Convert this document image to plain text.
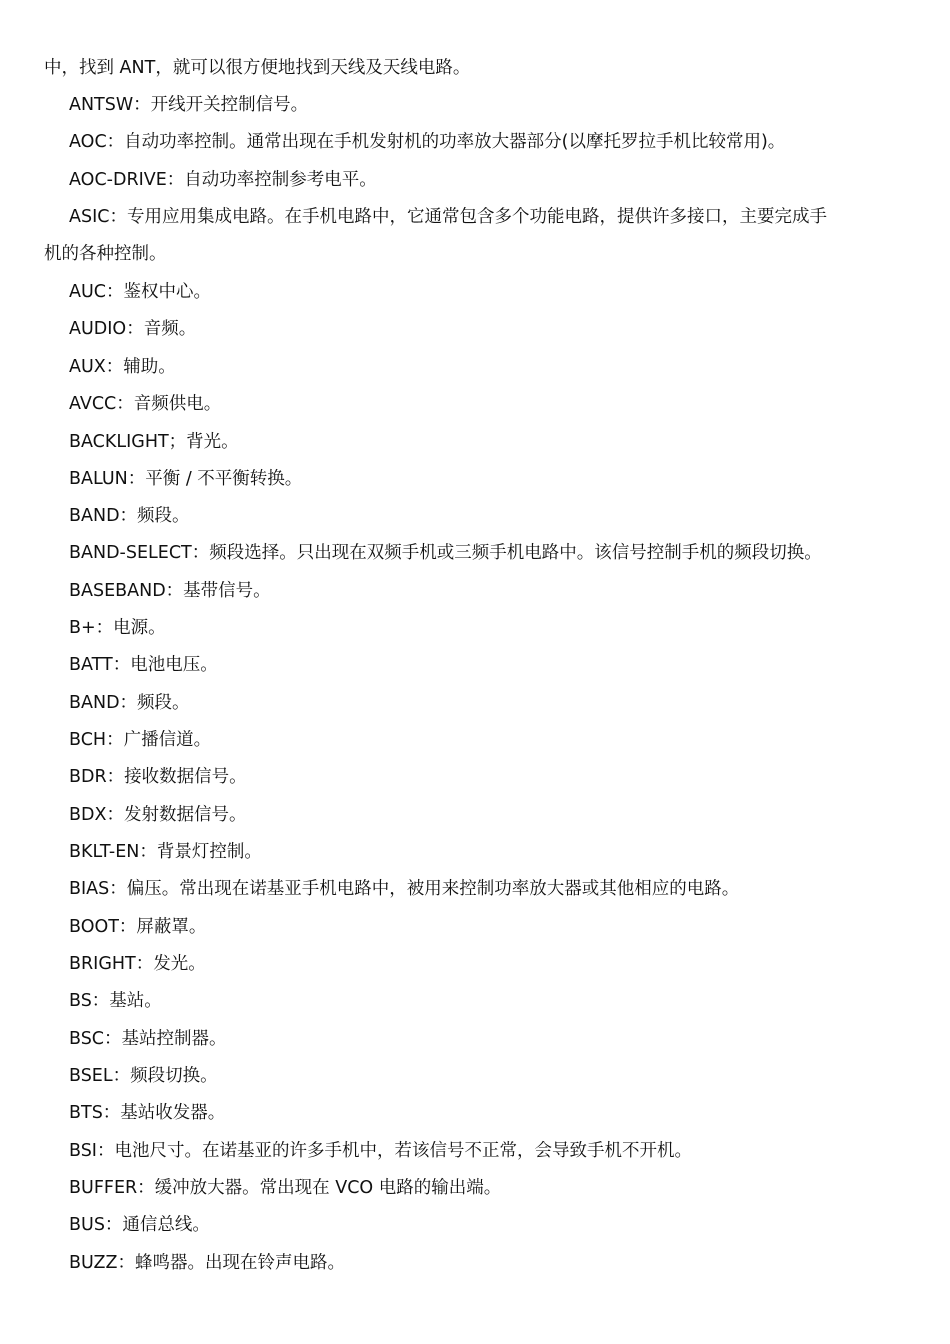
中，找到 ANT，就可以很方便地找到天线及天线电路。
ANTSW：开线开关控制信号。
AOC：自动功率控制。通常出现在手机发射机的功率放大器部分(以摩托罗拉手机比较常用)。
AOC-DRIVE：自动功率控制参考电平。
ASIC：专用应用集成电路。在手机电路中，它通常包含多个功能电路，提供许多接口，主要完成手
机的各种控制。
AUC：鉴权中心。
AUDIO：音频。
AUX：辅助。
AVCC：音频供电。
BACKLIGHT；背光。
BALUN：平衡 / 不平衡转换。
BAND：频段。
BAND-SELECT：频段选择。只出现在双频手机或三频手机电路中。该信号控制手机的频段切换。
BASEBAND：基带信号。
B+：电源。
BATT：电池电压。
BAND：频段。
BCH：广播信道。
BDR：接收数据信号。
BDX：发射数据信号。
BKLT-EN：背景灯控制。
BIAS：偏压。常出现在诺基亚手机电路中，被用来控制功率放大器或其他相应的电路。
BOOT：屏蔽罩。
BRIGHT：发光。
BS：基站。
BSC：基站控制器。
BSEL：频段切换。
BTS：基站收发器。
BSI：电池尺寸。在诺基亚的许多手机中，若该信号不正常，会导致手机不开机。
BUFFER：缓冲放大器。常出现在 VCO 电路的输出端。
BUS：通信总线。
BUZZ：蜂鸣器。出现在铃声电路。
